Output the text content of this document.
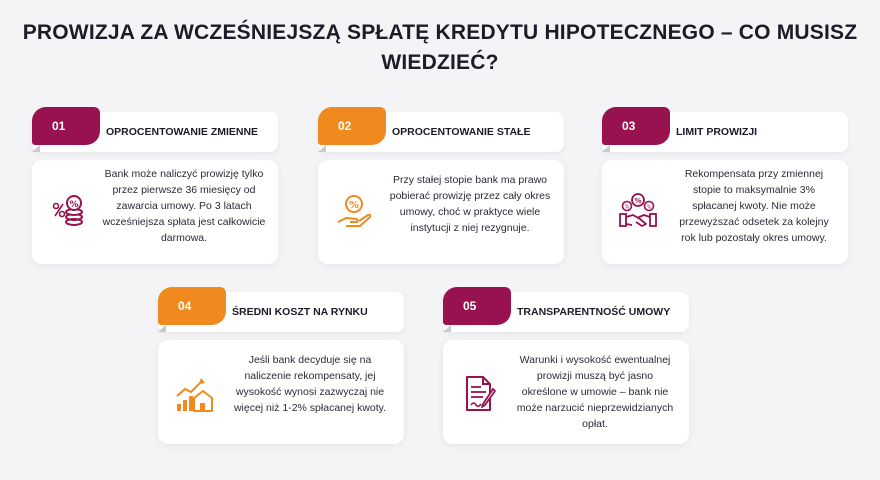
PROWIZJA ZA WCZEŚNIEJSZĄ SPŁATĘ KREDYTU HIPOTECZNEGO – CO MUSISZ WIEDZIEĆ?
OPROCENTOWANIE ZMIENNE
01
%
Bank może naliczyć prowizję tylko przez pierwsze 36 miesięcy od zawarcia umowy. Po 3 latach wcześniejsza spłata jest całkowicie darmowa.
OPROCENTOWANIE STAŁE
02
%
Przy stałej stopie bank ma prawo pobierać prowizję przez cały okres umowy, choć w praktyce wiele instytucji z niej rezygnuje.
LIMIT PROWIZJI
03
%
%	%
Rekompensata przy zmiennej stopie to maksymalnie 3% spłacanej kwoty. Nie może przewyższać odsetek za kolejny rok lub pozostały okres umowy.
ŚREDNI KOSZT NA RYNKU
04
Jeśli bank decyduje się na naliczenie rekompensaty, jej wysokość wynosi zazwyczaj nie więcej niż 1-2% spłacanej kwoty.
TRANSPARENTNOŚĆ UMOWY
05
Warunki i wysokość ewentualnej prowizji muszą być jasno określone w umowie – bank nie może narzucić nieprzewidzianych opłat.
